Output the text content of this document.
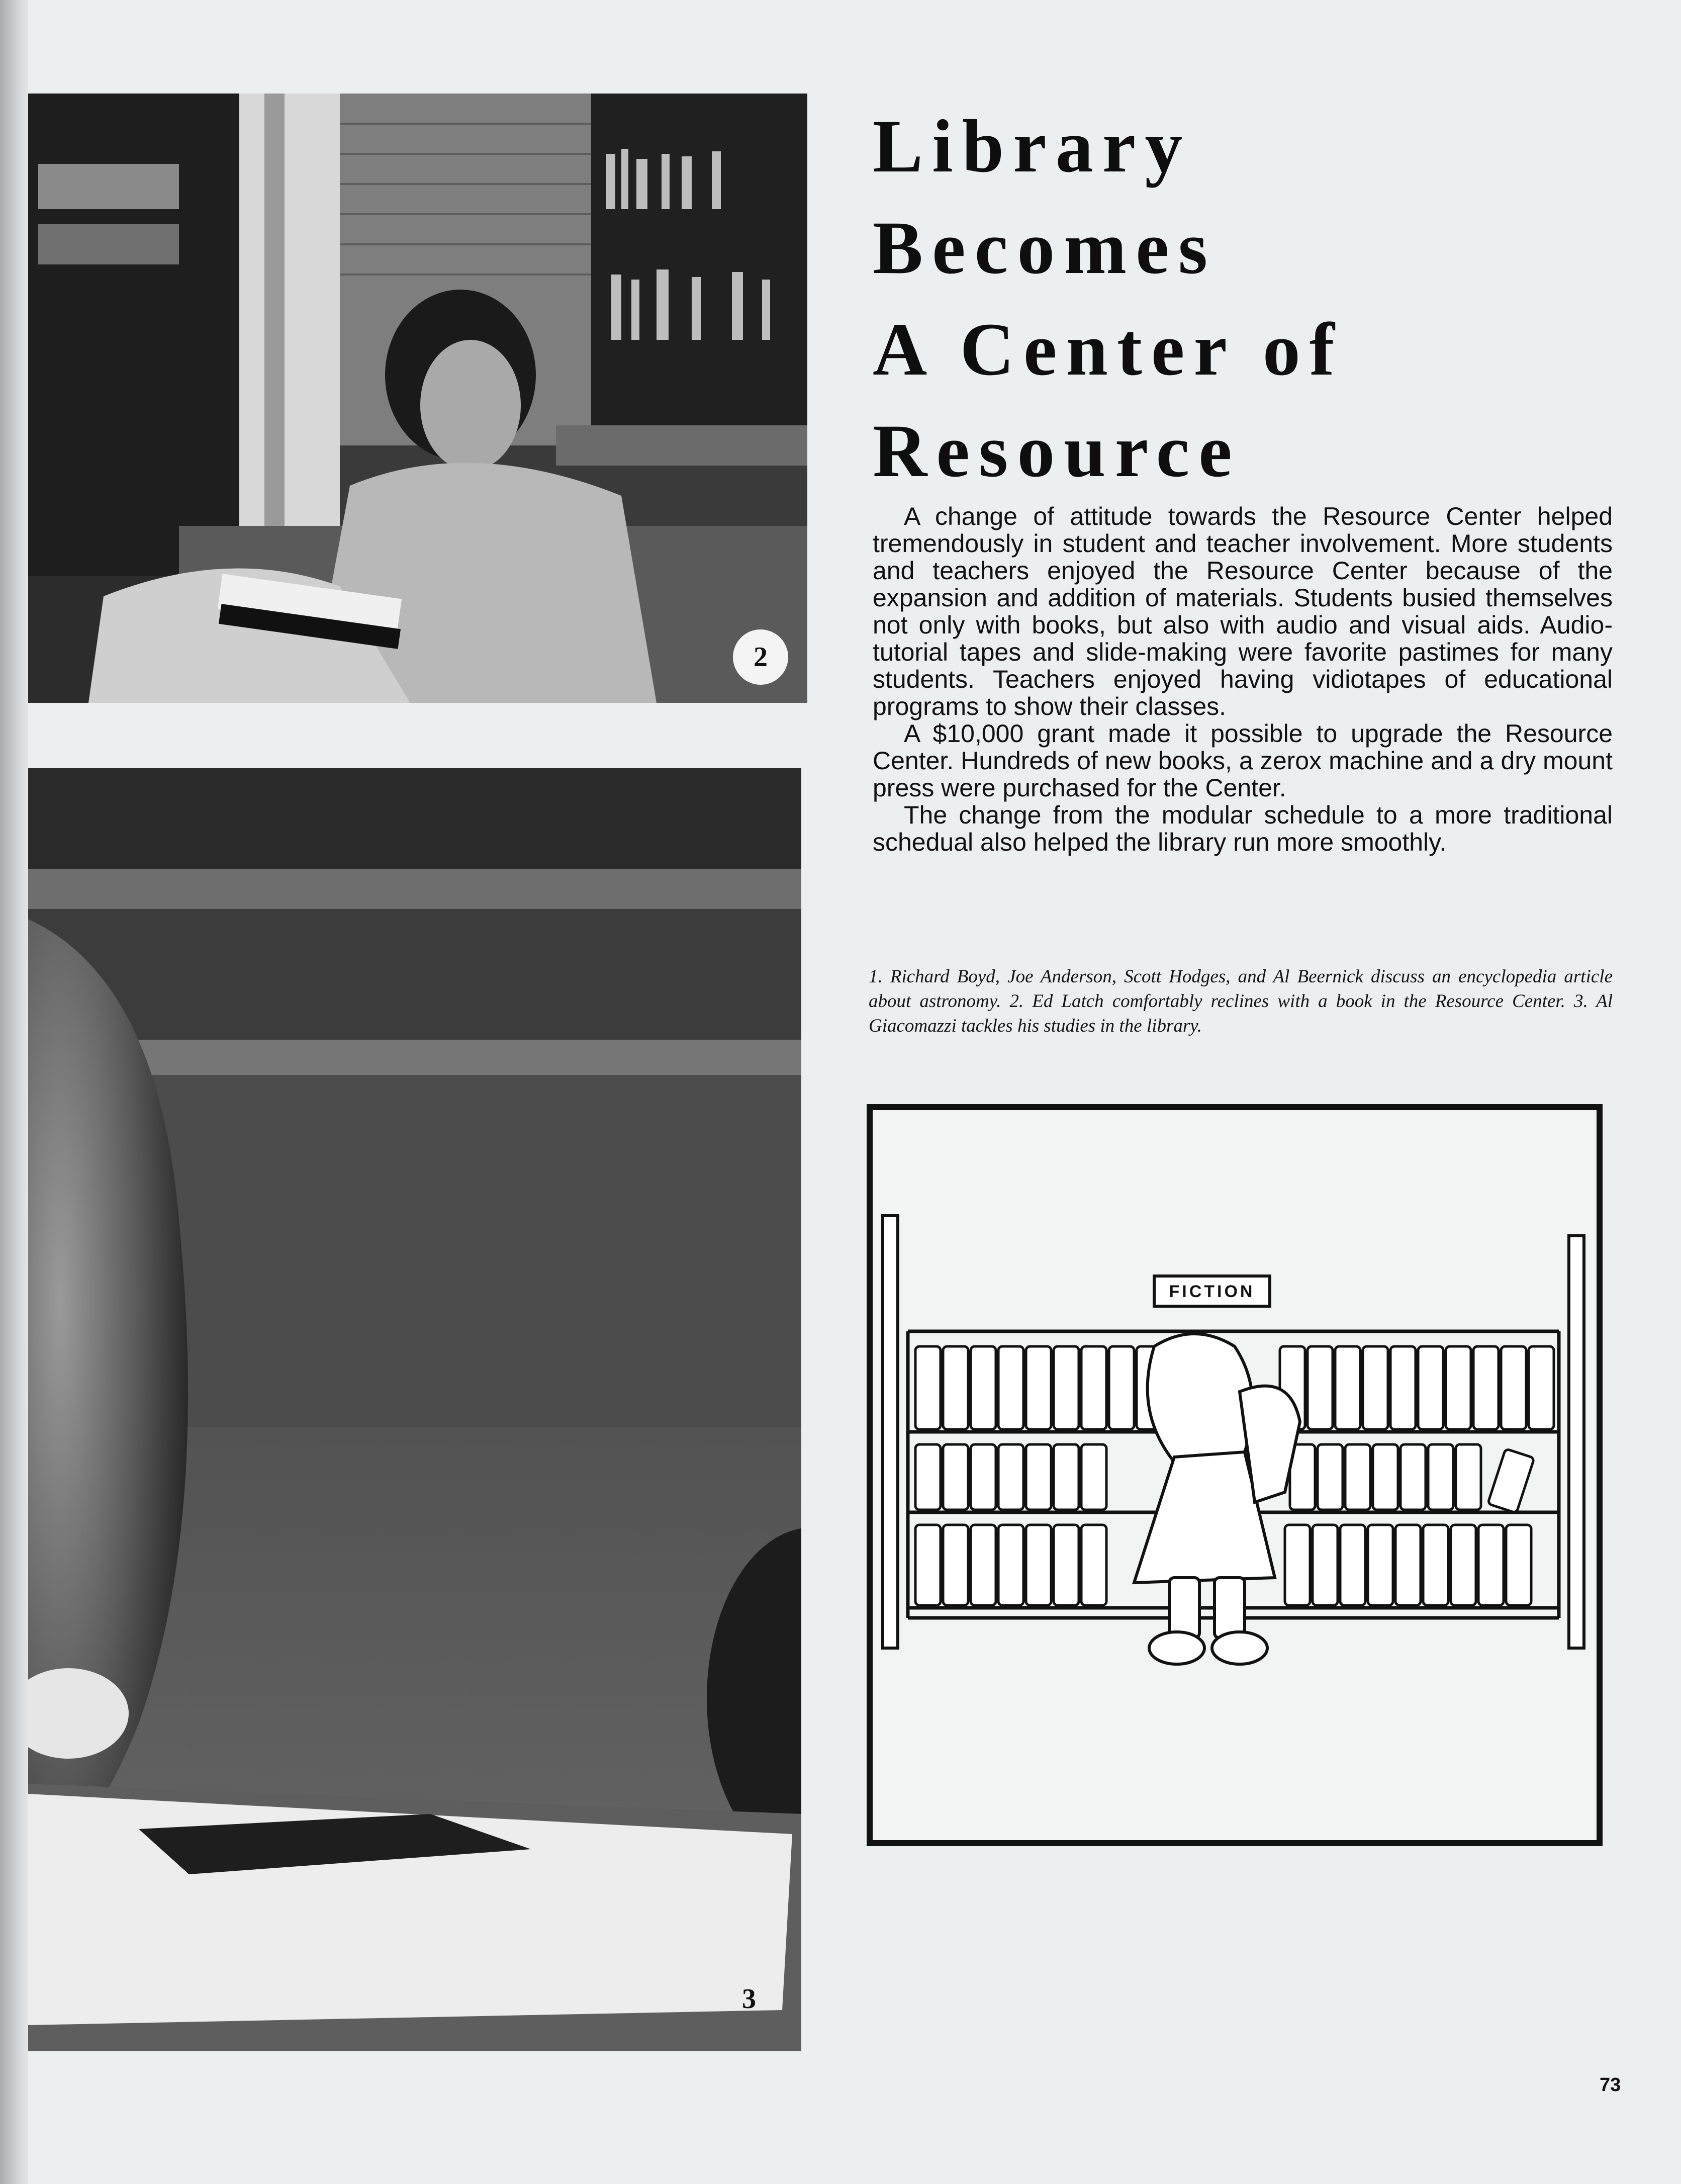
2
3
Library
Becomes
A Center of
Resource

A change of attitude towards the Resource Center helped tremendously in student and teacher involvement. More students and teachers enjoyed the Resource Center because of the expansion and addition of materials. Students busied themselves not only with books, but also with audio and visual aids. Audio-tutorial tapes and slide-making were favorite pastimes for many students. Teachers enjoyed having vidiotapes of educational programs to show their classes.

A $10,000 grant made it possible to upgrade the Resource Center. Hundreds of new books, a zerox machine and a dry mount press were purchased for the Center.

The change from the modular schedule to a more traditional schedual also helped the library run more smoothly.

1. Richard Boyd, Joe Anderson, Scott Hodges, and Al Beernick discuss an encyclopedia article about astronomy. 2. Ed Latch comfortably reclines with a book in the Resource Center. 3. Al Giacomazzi tackles his studies in the library.
FICTION
73
